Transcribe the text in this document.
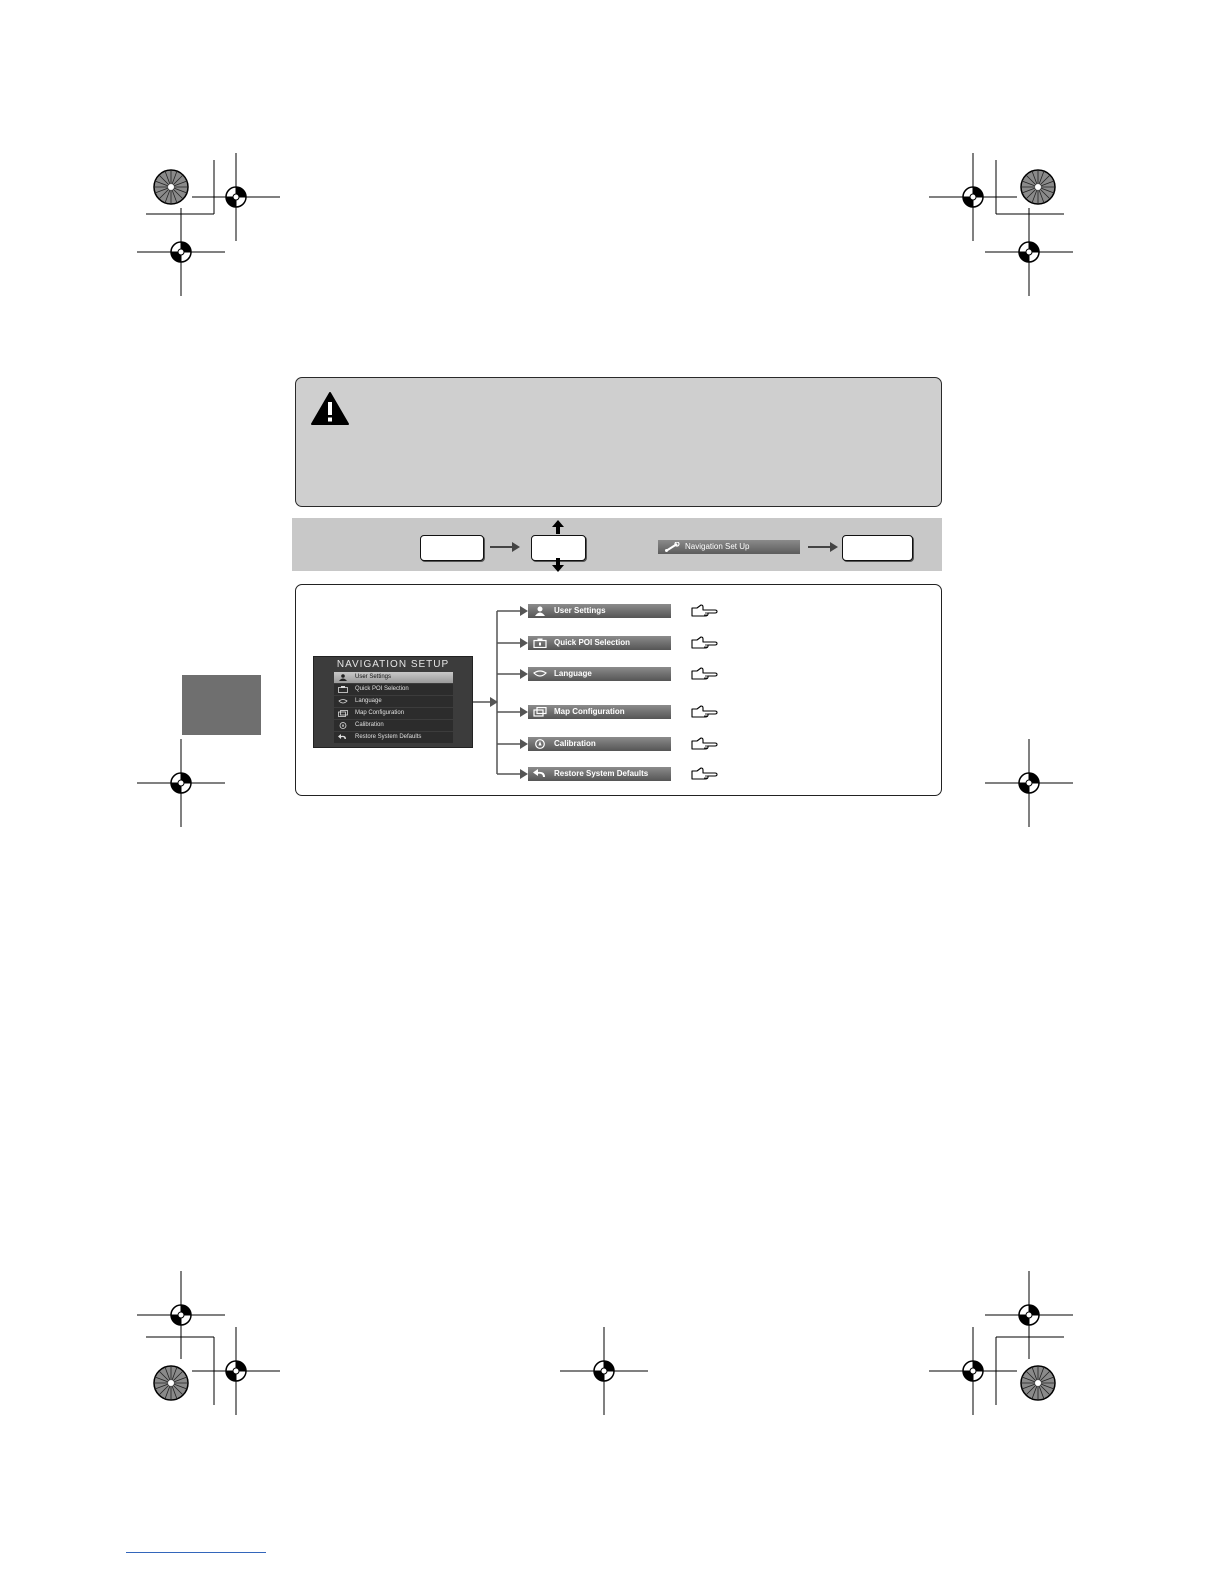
Navigation Set Up
NAVIGATION SETUP
User Settings
Quick POI Selection
Language
Map Configuration
Calibration
Restore System Defaults
User Settings
Quick POI Selection
Language
Map Configuration
Calibration
Restore System Defaults
